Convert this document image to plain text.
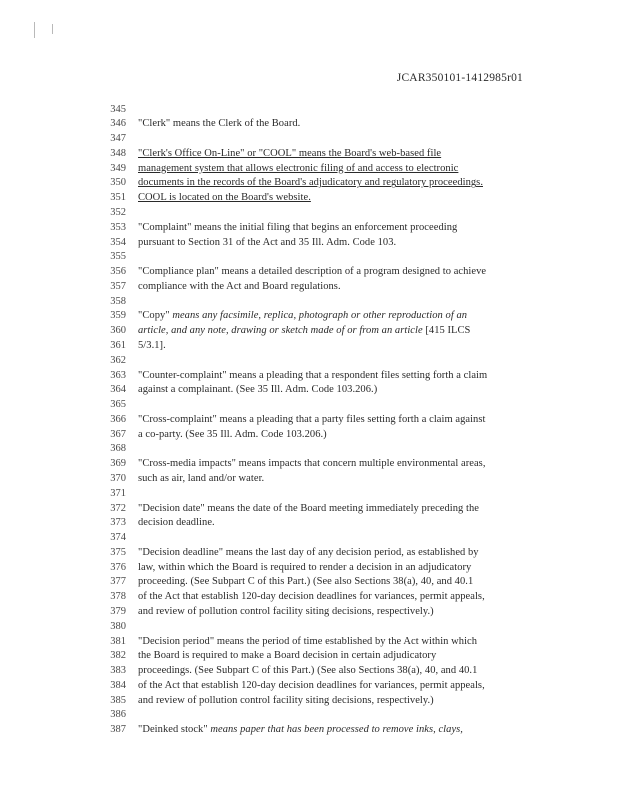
JCAR350101-1412985r01
345
346 "Clerk" means the Clerk of the Board.
347
348 "Clerk's Office On-Line" or "COOL" means the Board's web-based file
349 management system that allows electronic filing of and access to electronic
350 documents in the records of the Board's adjudicatory and regulatory proceedings.
351 COOL is located on the Board's website.
352
353 "Complaint" means the initial filing that begins an enforcement proceeding
354 pursuant to Section 31 of the Act and 35 Ill. Adm. Code 103.
355
356 "Compliance plan" means a detailed description of a program designed to achieve
357 compliance with the Act and Board regulations.
358
359 "Copy" means any facsimile, replica, photograph or other reproduction of an
360 article, and any note, drawing or sketch made of or from an article [415 ILCS
361 5/3.1].
362
363 "Counter-complaint" means a pleading that a respondent files setting forth a claim
364 against a complainant. (See 35 Ill. Adm. Code 103.206.)
365
366 "Cross-complaint" means a pleading that a party files setting forth a claim against
367 a co-party. (See 35 Ill. Adm. Code 103.206.)
368
369 "Cross-media impacts" means impacts that concern multiple environmental areas,
370 such as air, land and/or water.
371
372 "Decision date" means the date of the Board meeting immediately preceding the
373 decision deadline.
374
375 "Decision deadline" means the last day of any decision period, as established by
376 law, within which the Board is required to render a decision in an adjudicatory
377 proceeding. (See Subpart C of this Part.) (See also Sections 38(a), 40, and 40.1
378 of the Act that establish 120-day decision deadlines for variances, permit appeals,
379 and review of pollution control facility siting decisions, respectively.)
380
381 "Decision period" means the period of time established by the Act within which
382 the Board is required to make a Board decision in certain adjudicatory
383 proceedings. (See Subpart C of this Part.) (See also Sections 38(a), 40, and 40.1
384 of the Act that establish 120-day decision deadlines for variances, permit appeals,
385 and review of pollution control facility siting decisions, respectively.)
386
387 "Deinked stock" means paper that has been processed to remove inks, clays,
